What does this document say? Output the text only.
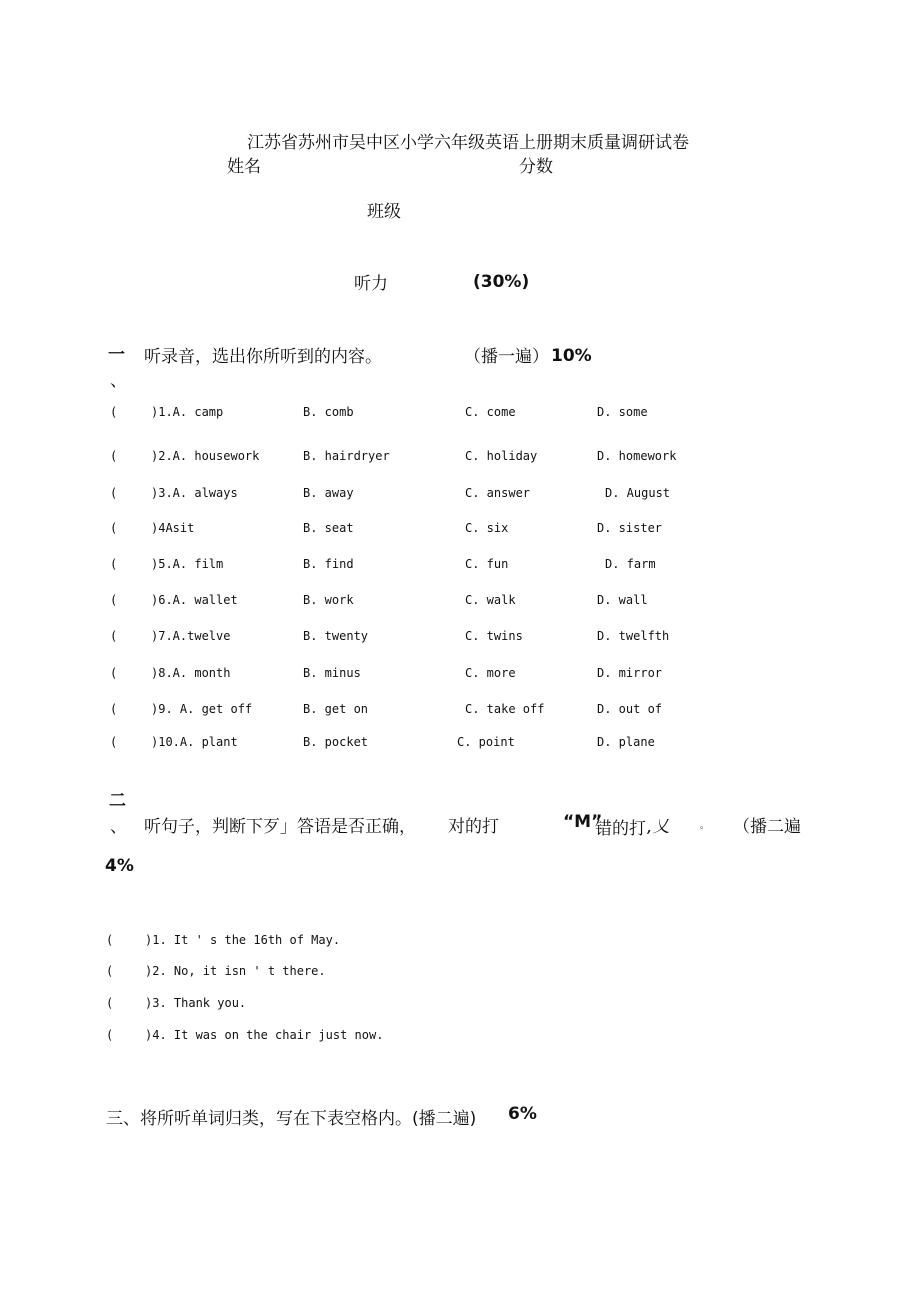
江苏省苏州市吴中区小学六年级英语上册期末质量调研试卷
姓名	分数
班级
听力	(30%)
一
、
听录音，选出你所听到的内容。	（播一遍） 10%
(	)1.A. camp	B. comb	C. come	D. some
(	)2.A. housework	B. hairdryer	C. holiday	D. homework
(	)3.A. always	B. away	C. answer	D. August
(	)4Asit	B. seat	C. six	D. sister
(	)5.A. film	B. find	C. fun	D. farm
(	)6.A. wallet	B. work	C. walk	D. wall
(	)7.A.twelve	B. twenty	C. twins	D. twelfth
(	)8.A. month	B. minus	C. more	D. mirror
(	)9. A. get off	B. get on	C. take off	D. out of
(	)10.A. plant	B. pocket	C. point	D. plane
二
、 听句子，判断下歹」答语是否正确， 对的打	“M”
错的打 ,乂	。 （播二遍
4%
(	)1. It ' s the 16th of May.
(	)2. No, it isn ' t there.
(	)3. Thank you.
(	)4. It was on the chair just now.
三、将所听单词归类，写在下表空格内。(播二遍) 6%
